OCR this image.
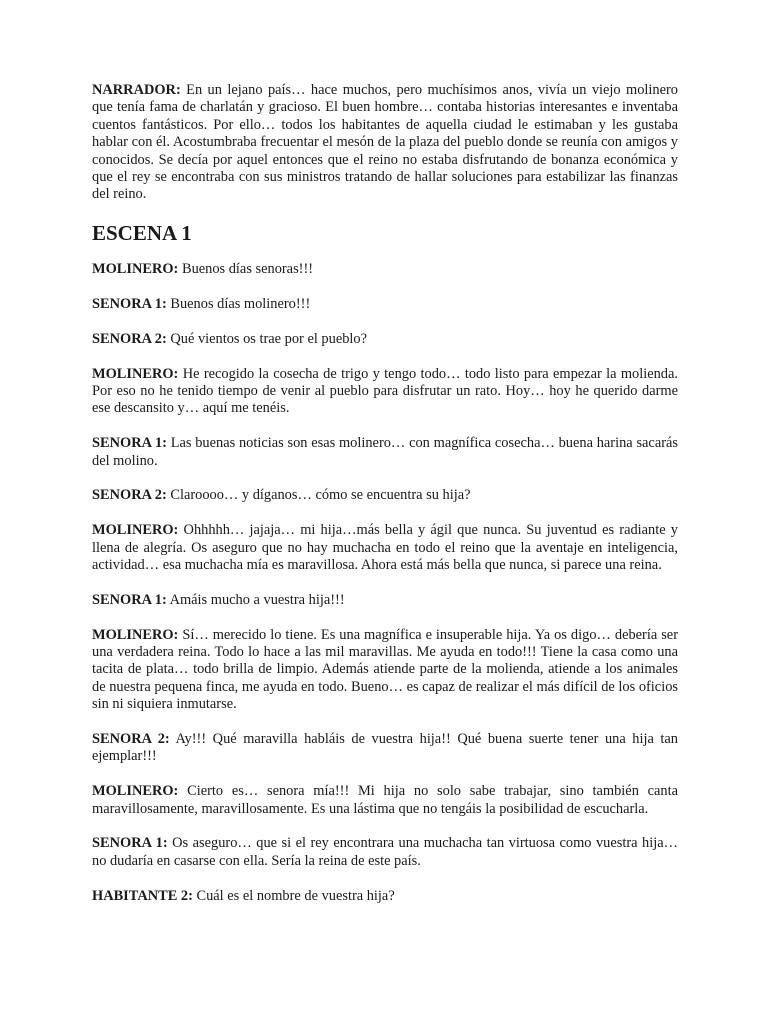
NARRADOR: En un lejano país… hace muchos, pero muchísimos anos, vivía un viejo molinero que tenía fama de charlatán y gracioso. El buen hombre… contaba historias interesantes e inventaba cuentos fantásticos. Por ello… todos los habitantes de aquella ciudad le estimaban y les gustaba hablar con él. Acostumbraba frecuentar el mesón de la plaza del pueblo donde se reunía con amigos y conocidos. Se decía por aquel entonces que el reino no estaba disfrutando de bonanza económica y que el rey se encontraba con sus ministros tratando de hallar soluciones para estabilizar las finanzas del reino.

ESCENA 1

MOLINERO: Buenos días senoras!!!

SENORA 1: Buenos días molinero!!!

SENORA 2: Qué vientos os trae por el pueblo?

MOLINERO: He recogido la cosecha de trigo y tengo todo… todo listo para empezar la molienda. Por eso no he tenido tiempo de venir al pueblo para disfrutar un rato. Hoy… hoy he querido darme ese descansito y… aquí me tenéis.

SENORA 1: Las buenas noticias son esas molinero… con magnífica cosecha… buena harina sacarás del molino.

SENORA 2: Claroooo… y díganos… cómo se encuentra su hija?

MOLINERO: Ohhhhh… jajaja… mi hija…más bella y ágil que nunca. Su juventud es radiante y llena de alegría. Os aseguro que no hay muchacha en todo el reino que la aventaje en inteligencia, actividad… esa muchacha mía es maravillosa. Ahora está más bella que nunca, si parece una reina.

SENORA 1: Amáis mucho a vuestra hija!!!

MOLINERO: Sí… merecido lo tiene. Es una magnífica e insuperable hija. Ya os digo… debería ser una verdadera reina. Todo lo hace a las mil maravillas. Me ayuda en todo!!! Tiene la casa como una tacita de plata… todo brilla de limpio. Además atiende parte de la molienda, atiende a los animales de nuestra pequena finca, me ayuda en todo. Bueno… es capaz de realizar el más difícil de los oficios sin ni siquiera inmutarse.

SENORA 2: Ay!!! Qué maravilla habláis de vuestra hija!! Qué buena suerte tener una hija tan ejemplar!!!

MOLINERO: Cierto es… senora mía!!! Mi hija no solo sabe trabajar, sino también canta maravillosamente, maravillosamente. Es una lástima que no tengáis la posibilidad de escucharla.

SENORA 1: Os aseguro… que si el rey encontrara una muchacha tan virtuosa como vuestra hija… no dudaría en casarse con ella. Sería la reina de este país.

HABITANTE 2: Cuál es el nombre de vuestra hija?
